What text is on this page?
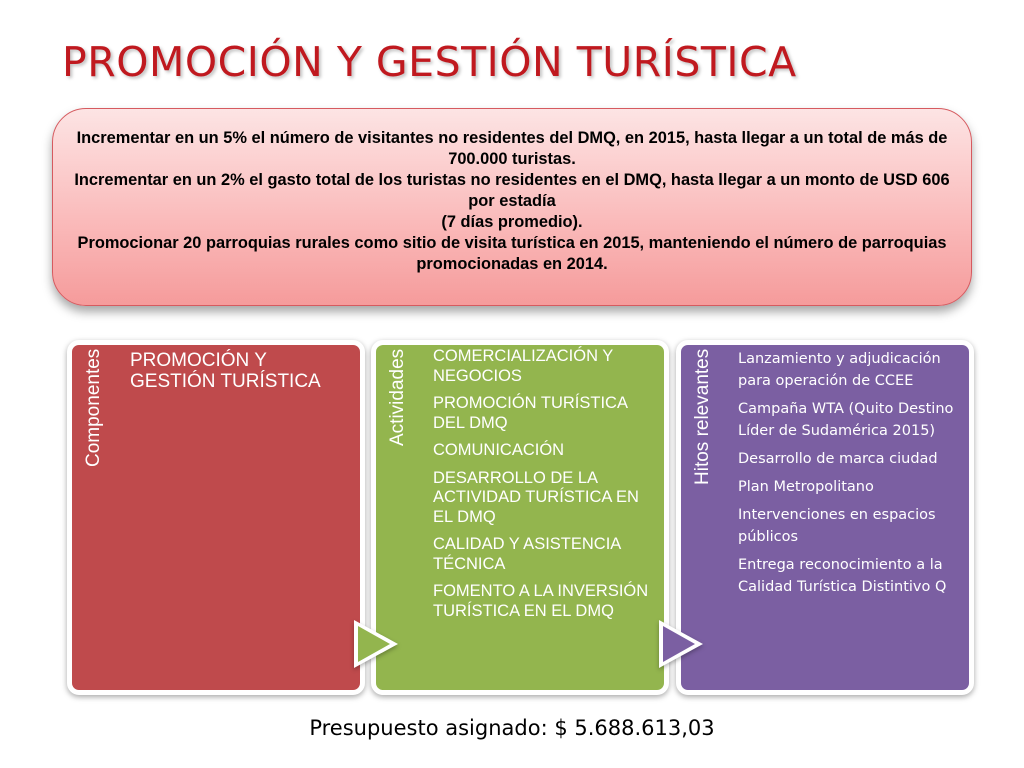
PROMOCIÓN Y GESTIÓN TURÍSTICA
Incrementar en un 5% el número de visitantes no residentes del DMQ, en 2015, hasta llegar a un total de más de 700.000 turistas.
Incrementar en un 2% el gasto total de los turistas no residentes en el DMQ, hasta llegar a un monto de USD 606 por estadía
(7 días promedio).
Promocionar 20 parroquias rurales como sitio de visita turística en 2015, manteniendo el número de parroquias promocionadas en 2014.
Componentes	PROMOCIÓN Y GESTIÓN TURÍSTICA	Actividades	COMERCIALIZACIÓN Y NEGOCIOS
PROMOCIÓN TURÍSTICA DEL DMQ
COMUNICACIÓN
DESARROLLO DE LA ACTIVIDAD TURÍSTICA EN EL DMQ
CALIDAD Y ASISTENCIA TÉCNICA
FOMENTO A LA INVERSIÓN TURÍSTICA EN EL DMQ
Hitos relevantes	Lanzamiento y adjudicación para operación de CCEE
Campaña WTA (Quito Destino Líder de Sudamérica 2015)
Desarrollo de marca ciudad
Plan Metropolitano
Intervenciones en espacios públicos
Entrega reconocimiento a la Calidad Turística Distintivo Q
Presupuesto asignado: $ 5.688.613,03
